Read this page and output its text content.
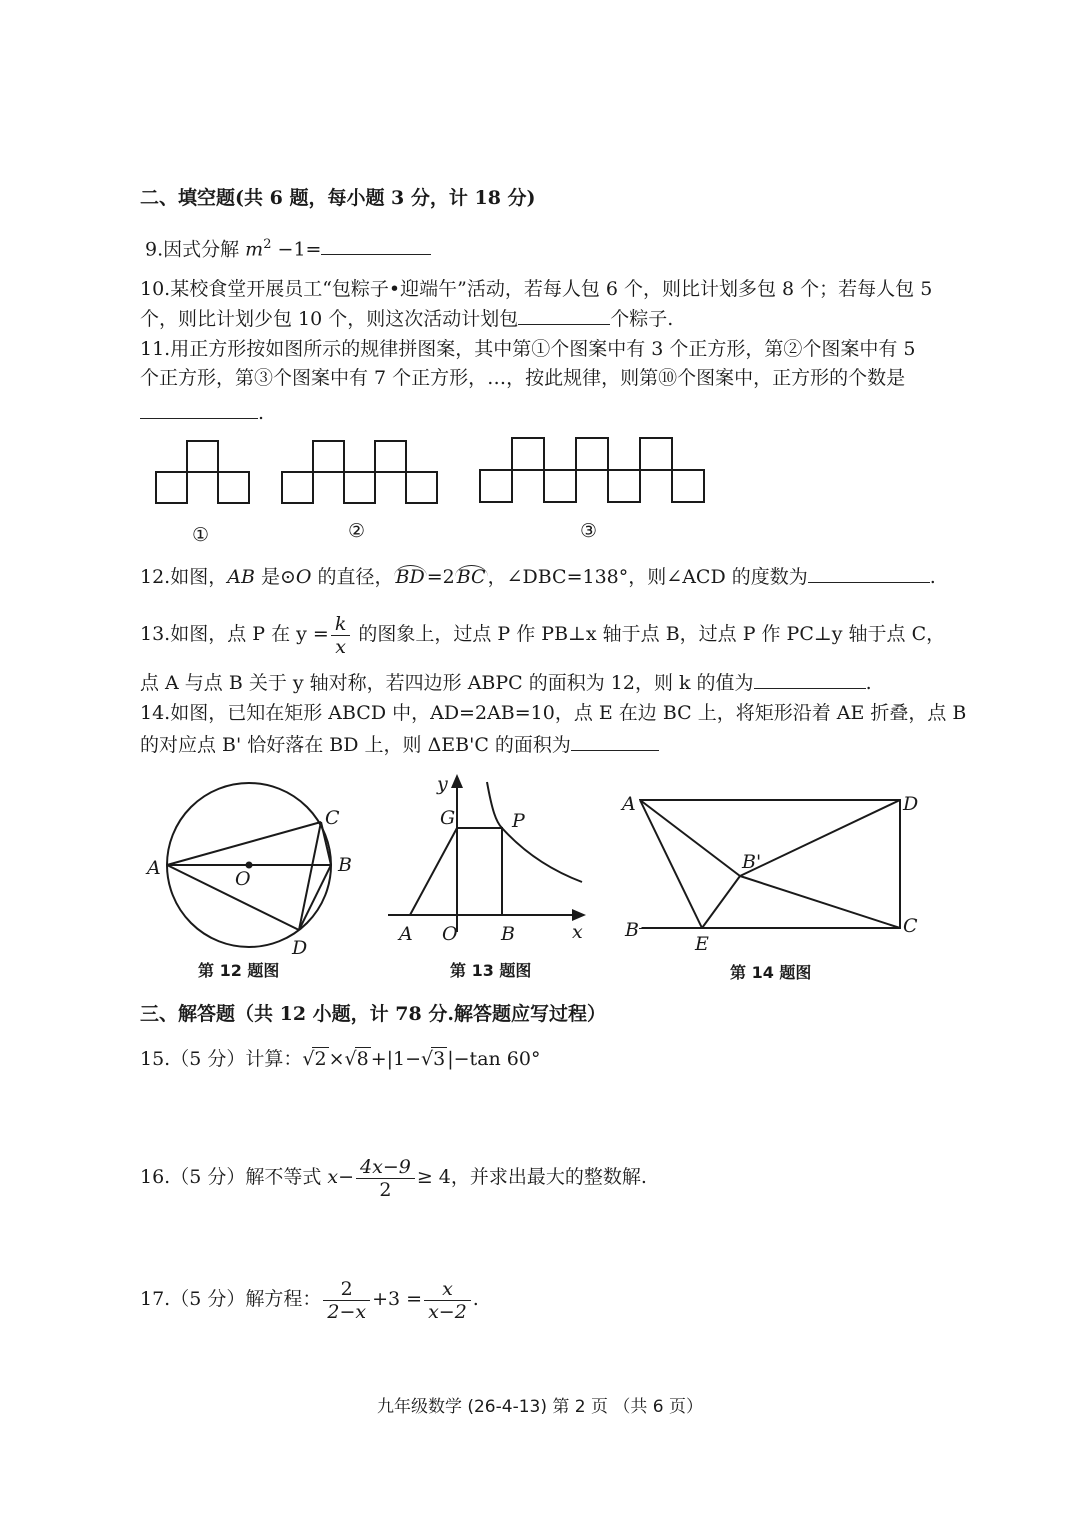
二、填空题(共 6 题，每小题 3 分，计 18 分)
9.因式分解 $m^2 -1=$
10.某校食堂开展员工“包粽子•迎端午”活动，若每人包 6 个，则比计划多包 8 个；若每人包 5
个，则比计划少包 10 个，则这次活动计划包	个粽子.
11.用正方形按如图所示的规律拼图案，其中第①个图案中有 3 个正方形，第②个图案中有 5
个正方形，第③个图案中有 7 个正方形，…，按此规律，则第⑩个图案中，正方形的个数是
.
①	②	③
12.如图，AB 是⊙O 的直径， BD =2 BC ，∠DBC=138°，则∠ACD 的度数为	.
13.如图，点 P 在 $y = \frac{k}{x}$ 的图象上，过点 P 作 PB⊥x 轴于点 B，过点 P 作 PC⊥y 轴于点 C，
点 A 与点 B 关于 y 轴对称，若四边形 ABPC 的面积为 12，则 k 的值为	.
14.如图，已知在矩形 ABCD 中，AD=2AB=10，点 E 在边 BC 上，将矩形沿着 AE 折叠，点 B
的对应点 B' 恰好落在 BD 上，则 ΔEB'C 的面积为
A	B
C
D
O
第 12 题图
y
x
G	P
A O B
第 13 题图
A	D
B'
B
E
C
第 14 题图
三、解答题（共 12 小题，计 78 分.解答题应写过程）
15.（5 分）计算：√2 ×√8 +|1−√3 |−tan 60°
16.（5 分）解不等式 $x- \frac{4x-9}{2} \ge 4$，并求出最大的整数解.
17.（5 分）解方程： $\frac{2}{2-x} +3 = \frac{x}{x-2}$ .
九年级数学 (26-4-13) 第 2 页 （共 6 页）
